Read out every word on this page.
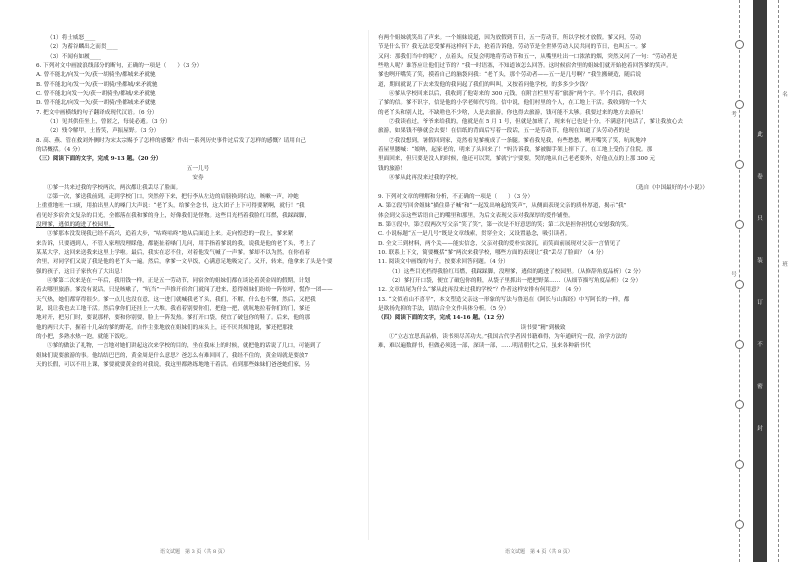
（1）将士威怒____
（2）为蓄谷麟出之而贯____
（3）不闻有如履____
6. 下列对文中画波浪线部分的断句，正确的一项是（　　）（3 分）
A. 曾不能北/向发一矢/获一胡骑坐/都城来矛就驰
B. 曾不能北向/发一矢/获一胡骑/坐都城/来矛就驰
C. 曾不能北向发一矢/获一胡骑坐/都城/来矛就驰
D. 曾不能北/向发一矢/获一胡骑/坐都城来矛就驰
7. 把文中画横线的句子翻译成现代汉语。（6 分）
（1）见其供佳坐上，曾匿之，每徒必遁。（3 分）
（2）残令解甲，土皆笑，声振屋野。（3 分）
8. 高、燕、管在救刘外侧时为宋太宗赐予了怎样的感慨？作出一系列历史事件过后发了怎样的感慨？请用自己
的话概括。（4 分）
（三）阅读下面的文字，完成 9-13 题。（20 分）
五一儿号
安券
①爹一共来过我的学校两次，两次都让我丢尽了脸面。
②第一次，爹送我前到，走到学校门口，突然停下来，把行李从左边的肩膀换到右边，咳嗽一声，冲她
上重重地吐一口痰，用拍出里人的嗓门大声说：“老丫头，给爹全念书，这大团子上下可得要紧啊，就行！”我
看见好多宿舍文复杂的目光，全都落在我和爹的身上，好像我们是怪物。这些目光档着我脸红耳燃，我踩踩脚，
没理爹，逃似的跑进了校园里。
③爹那本没发现我已经不高兴，追着大步，“咕咚咕咚”地从后面追上来。走向惶恐的一段上，爹来紧
来告诉，只要遇到人，不管人家理没理睬他，都能扯着嗓门儿问，用手指着爹说的我，说我是他的老丫头，考上了
某某大学，这回来送我来这里上学啦。最后，我实在忍不住，对着他发气喊了一声爹。爹却不以为然，在你看着
舍里，对同学们又说了我是他的老丫头一遍。然后，拿爹一文早饭，心满意足地吸完了。又开，转来，他拿来了头是个要
强的孩子，这日子家伙有了大出息！
④爹第二次来是在一年后，我用钱一样，正是五一劳动节，同宿舍的姐妹们都在谈论着黄金周的假期，计划
着去哪里旅游。爹没有说话，只是咳嗽了，“吭当”一声推开宿舍门就闯了进来，惹得姐妹们纷纷一阵惊呼，慌作一团——
天气热，她们都穿得很少。爹一点儿也没在意，这一进门就喊我老丫头，我们，不解，什么也不懂，然后，又把我
说，说让我也去工地干活。然后拿你们还挂上一大堆。我看着别要你们，把他一把，就吭地拉着你们的门，爹还
地对开，把另门时，要说那样，要和你别要，脸上一阵发热。爹打开口袋，便宜了破包你的鞋了。后来，他的那
他的两只大手，握着十几朵的爹的野花，自作主张地放在姐妹们的床头上，还不厌其烦地说，爹还把那批
的小把，多熟水热一泡，就能下饭吃。
⑤爹的做法了礼物，一言地对她们讲起这次来学校的目的，坐在我床上的时候，就把他的话说了几口，可能到了
姐妹们说要旅游的事。他结结巴巴的，黄金周是什么意思？爸怎么有难回回了，我经不住的，黄金周就是要放7
天的长假，可以不用上课，爹要就要黄金的对我说，我这里都熟练地地干着活。看到那些妹妹们爸爸她们家，另
有两个姐妹就笑出了声来。一个姐妹说道，因为放假到节日，五一劳动节，所以学校才放假。爹又问，劳动
节是什么节？我无法忍受爹再这样问下去，抢着告诉他，劳动节是全世界劳动人民共同的节日，也叫五一。爹
又问：那我们当中的呢？，点着头，反复会明地将劳动节和五一，从嘴里吐出一口浓浓的烟，突然又问了一句：“劳动者是
些啥人呢？谁答应让他们过节的？”我一时语塞，不知道该怎么回答。这时候宿舍里的姐妹们就开始抢着回答爹的笑声。
爹也咧开嘴笑了笑，摸着自己的脑袋问我：“老丫头，那个劳动者——五一是几号啊？”我生搬硬造，随后说
道，期间就说了下去来发他的我问起了我们的叫叫，又按着问他学校，的多多少少钱？
⑥爹从学校回来以后，我收到了他寄来的 300 元钱，在附言栏里写着“旅游”两个字。半个月后，我收到
了爹的信。爹不识字，信是他的小学老师代写的。信中说，他们村里的个人，在工地上干活。我收到的一个大
的老丫头和别人比，不缺啥也不少啥，人是去旅游，你也得去旅游，钱可能不太够。我要过来的地方去游玩！
⑦我读看过，爷爷来给我的，他就是在 5 月 1 号，但就是加班了，现来有已也是十分，不满意打电话了，爹让我放心去
旅游，如果钱不够就会去要！在信纸的背面后写着一段话，五一是劳动节，他现在知道了头劳动者的是
⑦我没想到，暑假回到家，竟然看见爹瘦成了一条腿。爹看我见我，有些愁愁，咧开嘴笑了笑，吭吭地冲
着屋里腰喊：“娘呐，起家老的，明来了头回来了！”妈告诉我，爹被脚手架上摔下了，在工地上受伤了住院。那
里面回来，但只要是没人的时候，他还可以哭，爹就宁宁要要，哭的地从自己老老要外，好他点点的上那 300 元
钱的旅游！
⑧爹从此再没来过我的学校。
（选自《中国最好的小小说》）
9. 下列对文章的理解和分析，不正确的一项是（　　）（3 分）
A. 第②段写回舍姐妹“描住鼻子喊”和“一起发出响起的笑声”，从侧面表现父亲的质朴厚道，揭示“我”
体会到父亲这些话语自己的嘴里和那里，为后文表现父亲对我深厚的爱作铺垫。
B. 第⑤段中，第⑦段两次写父亲“笑了笑”，第一次是不好意思的笑；第二次是担你担忧心安慰我的笑。
C. 小说标题“五一是几号”既是文章线索，贯穿全文；又设置悬念，吸引读者。
D. 全文三到材料，两个关——能实信念，父亲对我的爱朴实深沉，而笑面前展现对父亲一言情见了
10. 联系上下文，简要概括“爹”两次来我学校，哪些方面的表现让“我”丢尽了脸面？（4 分）
11. 阅读文中画线的句子，按要求回答问题。（4 分）
（1）这些目光档得我脸红耳燃，我踩踩脚，没理爹，逃似的跑进了校园里。（从修辞角度品析）（2 分）
（2）爹打开口袋，便宜了破包你的鞋，从袋子里抓出一把把野菜……（从细节描写角度品析）（2 分）
12. 文章结尾为什么“爹从此再没来过我的学校”？作者这样安排有何用意？（4 分）
13. “文似看山不喜平”，本文塑造父亲这一形象的写法与鲁迅在《阿长与山海经》中写阿长的一样，都
是欲扬先抑的手法，请结合全文作具体分析。（5 分）
（四）阅读下面的文字，完成 14-16 题。（12 分）
读书要“精”到极致
①“立志宜思真品格，读书须尽苦功夫。”我国古代学者因书籍难得，为年通研究一段，治学方法的
难，难以遍数群书，但做必须选一部，深读一部，……明清朝代之后，虽来各种新书代
语文试题　第 3 页（共 8 页）	语文试题　第 4 页（共 8 页）
此
卷
只
装
订
不
密
封
考
号
名
班
